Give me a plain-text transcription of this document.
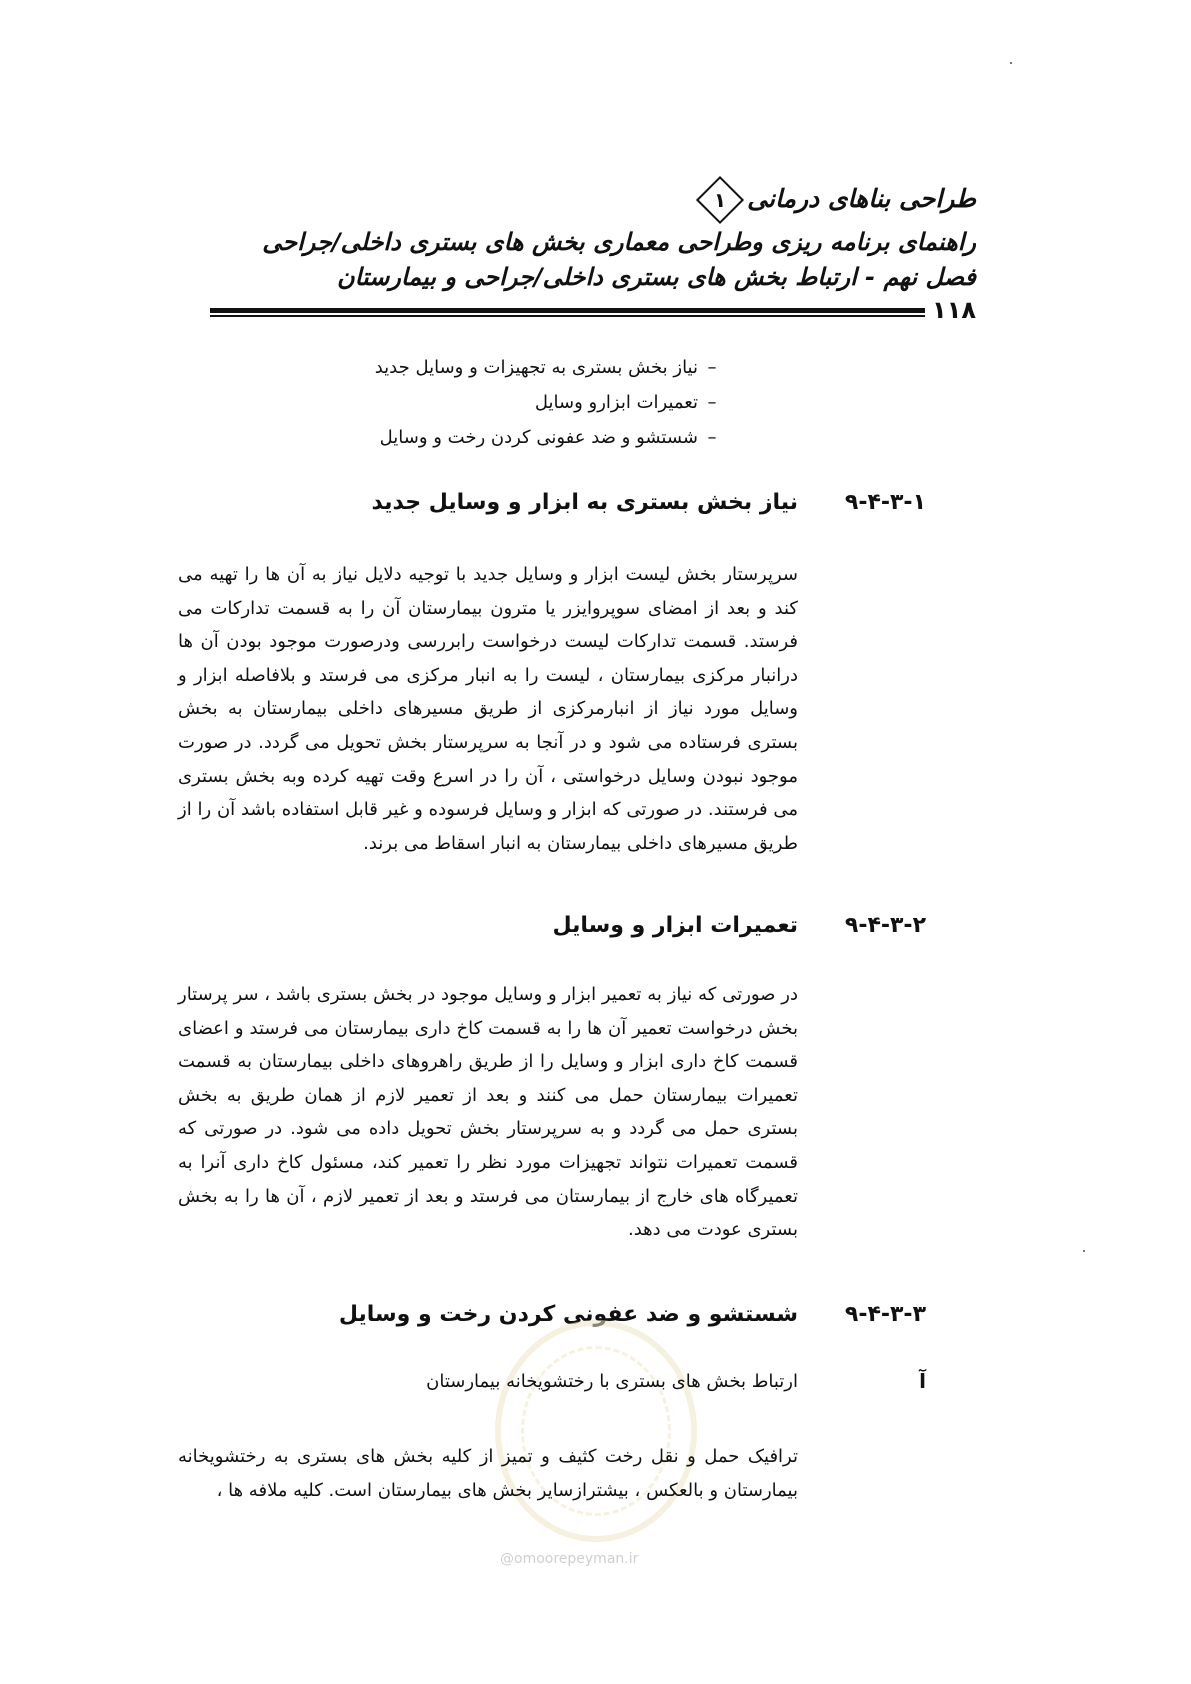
طراحی بناهای درمانی
۱
راهنمای برنامه ریزی وطراحی معماری بخش های بستری داخلی/جراحی
فصل نهم - ارتباط بخش های بستری داخلی/جراحی و بیمارستان
۱۱۸
–نیاز بخش بستری به تجهیزات و وسایل جدید
–تعمیرات ابزارو وسایل
–شستشو و ضد عفونی کردن رخت و وسایل
۹-۴-۳-۱
نیاز بخش بستری به ابزار و وسایل جدید
سرپرستار بخش لیست ابزار و وسایل جدید با توجیه دلایل نیاز به آن ها را تهیه می کند و بعد از امضای سوپروایزر یا مترون بیمارستان آن را به قسمت تدارکات می فرستد. قسمت تدارکات لیست درخواست رابررسی ودرصورت موجود بودن آن ها درانبار مرکزی بیمارستان ، لیست را به انبار مرکزی می فرستد و بلافاصله ابزار و وسایل مورد نیاز از انبارمرکزی از طریق مسیرهای داخلی بیمارستان به بخش بستری فرستاده می شود و در آنجا به سرپرستار بخش تحویل می گردد. در صورت موجود نبودن وسایل درخواستی ، آن را در اسرع وقت تهیه کرده وبه بخش بستری می فرستند. در صورتی که ابزار و وسایل فرسوده و غیر قابل استفاده باشد آن را از طریق مسیرهای داخلی بیمارستان به انبار اسقاط می برند.
۹-۴-۳-۲
تعمیرات ابزار و وسایل
در صورتی که نیاز به تعمیر ابزار و وسایل موجود در بخش بستری باشد ، سر پرستار بخش درخواست تعمیر آن ها را به قسمت کاخ داری بیمارستان می فرستد و اعضای قسمت کاخ داری ابزار و وسایل را از طریق راهروهای داخلی بیمارستان به قسمت تعمیرات بیمارستان حمل می کنند و بعد از تعمیر لازم از همان طریق به بخش بستری حمل می گردد و به سرپرستار بخش تحویل داده می شود. در صورتی که قسمت تعمیرات نتواند تجهیزات مورد نظر را تعمیر کند، مسئول کاخ داری آنرا به تعمیرگاه های خارج از بیمارستان می فرستد و بعد از تعمیر لازم ، آن ها را به بخش بستری عودت می دهد.
۹-۴-۳-۳
شستشو و ضد عفونی کردن رخت و وسایل
آ
ارتباط بخش های بستری با رختشویخانه بیمارستان
ترافیک حمل و نقل رخت کثیف و تمیز از کلیه بخش های بستری به رختشویخانه بیمارستان و بالعکس ، بیشترازسایر بخش های بیمارستان است. کلیه ملافه ها ،
@omoorepeyman.ir
